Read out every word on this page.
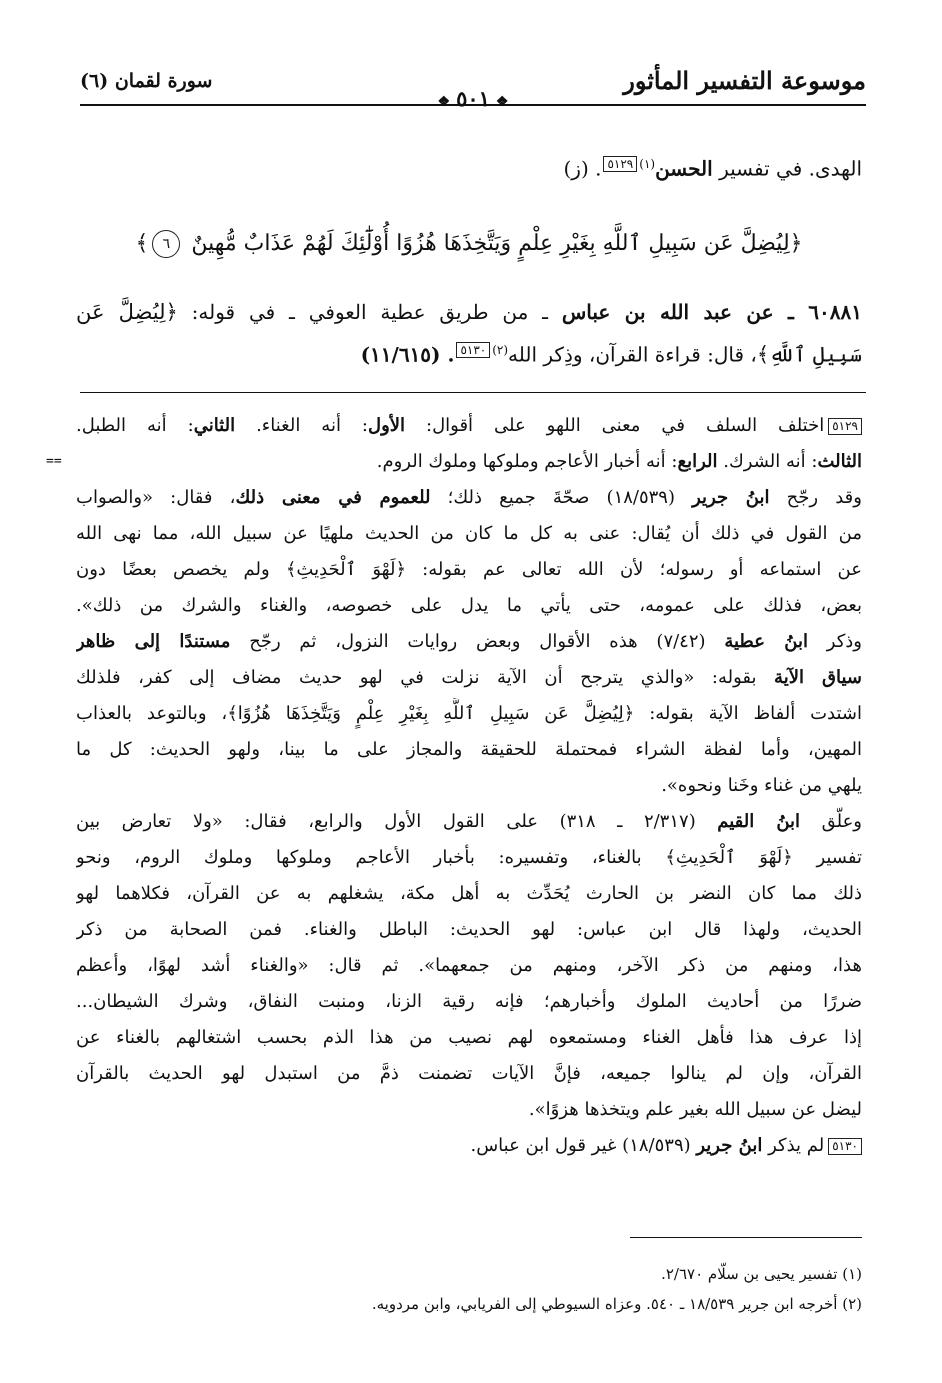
موسوعة التفسير المأثور
❖٥٠١❖
سورة لقمان (٦)
الهدى. في تفسير الحسن$^{(١)}$٥١٢٩. (ز)
﴿لِيُضِلَّ عَن سَبِيلِ ٱللَّهِ بِغَيْرِ عِلْمٍ وَيَتَّخِذَهَا هُزُوًا أُوْلَٰٓئِكَ لَهُمْ عَذَابٌ مُّهِينٌ ٦﴾
٦٠٨٨١ ـ عن عبد الله بن عباس ـ من طريق عطية العوفي ـ في قوله: ﴿لِيُضِلَّ عَن
سَبِيلِ ٱللَّهِ﴾، قال: قراءة القرآن، وذِكر الله$^{(٢)}$٥١٣٠. (١١/٦١٥)
٥١٢٩اختلف السلف في معنى اللهو على أقوال: الأول: أنه الغناء. الثاني: أنه الطبل.
الثالث: أنه الشرك. الرابع: أنه أخبار الأعاجم وملوكها وملوك الروم.
وقد رجّح ابنُ جرير (١٨/٥٣٩) صحّةَ جميع ذلك؛ للعموم في معنى ذلك، فقال: «والصواب
من القول في ذلك أن يُقال: عنى به كل ما كان من الحديث ملهيًا عن سبيل الله، مما نهى الله
عن استماعه أو رسوله؛ لأن الله تعالى عم بقوله: ﴿لَهْوَ ٱلْحَدِيثِ﴾ ولم يخصص بعضًا دون
بعض، فذلك على عمومه، حتى يأتي ما يدل على خصوصه، والغناء والشرك من ذلك».
وذكر ابنُ عطية (٧/٤٢) هذه الأقوال وبعض روايات النزول، ثم رجّح مستندًا إلى ظاهر
سياق الآية بقوله: «والذي يترجح أن الآية نزلت في لهو حديث مضاف إلى كفر، فلذلك
اشتدت ألفاظ الآية بقوله: ﴿لِيُضِلَّ عَن سَبِيلِ ٱللَّهِ بِغَيْرِ عِلْمٍ وَيَتَّخِذَهَا هُزُوًا﴾، وبالتوعد بالعذاب
المهين، وأما لفظة الشراء فمحتملة للحقيقة والمجاز على ما بينا، ولهو الحديث: كل ما
يلهي من غناء وخَنا ونحوه».
وعلّق ابنُ القيم (٢/٣١٧ ـ ٣١٨) على القول الأول والرابع، فقال: «ولا تعارض بين
تفسير ﴿لَهْوَ ٱلْحَدِيثِ﴾ بالغناء، وتفسيره: بأخبار الأعاجم وملوكها وملوك الروم، ونحو
ذلك مما كان النضر بن الحارث يُحَدِّث به أهل مكة، يشغلهم به عن القرآن، فكلاهما لهو
الحديث، ولهذا قال ابن عباس: لهو الحديث: الباطل والغناء. فمن الصحابة من ذكر
هذا، ومنهم من ذكر الآخر، ومنهم من جمعهما». ثم قال: «والغناء أشد لهوًا، وأعظم
ضررًا من أحاديث الملوك وأخبارهم؛ فإنه رقية الزنا، ومنبت النفاق، وشرك الشيطان...
إذا عرف هذا فأهل الغناء ومستمعوه لهم نصيب من هذا الذم بحسب اشتغالهم بالغناء عن
القرآن، وإن لم ينالوا جميعه، فإنَّ الآيات تضمنت ذمَّ من استبدل لهو الحديث بالقرآن
ليضل عن سبيل الله بغير علم ويتخذها هزوًا».
٥١٣٠لم يذكر ابنُ جرير (١٨/٥٣٩) غير قول ابن عباس.
(١) تفسير يحيى بن سلّام ٢/٦٧٠.
(٢) أخرجه ابن جرير ١٨/٥٣٩ ـ ٥٤٠. وعزاه السيوطي إلى الفريابي، وابن مردويه.
==
